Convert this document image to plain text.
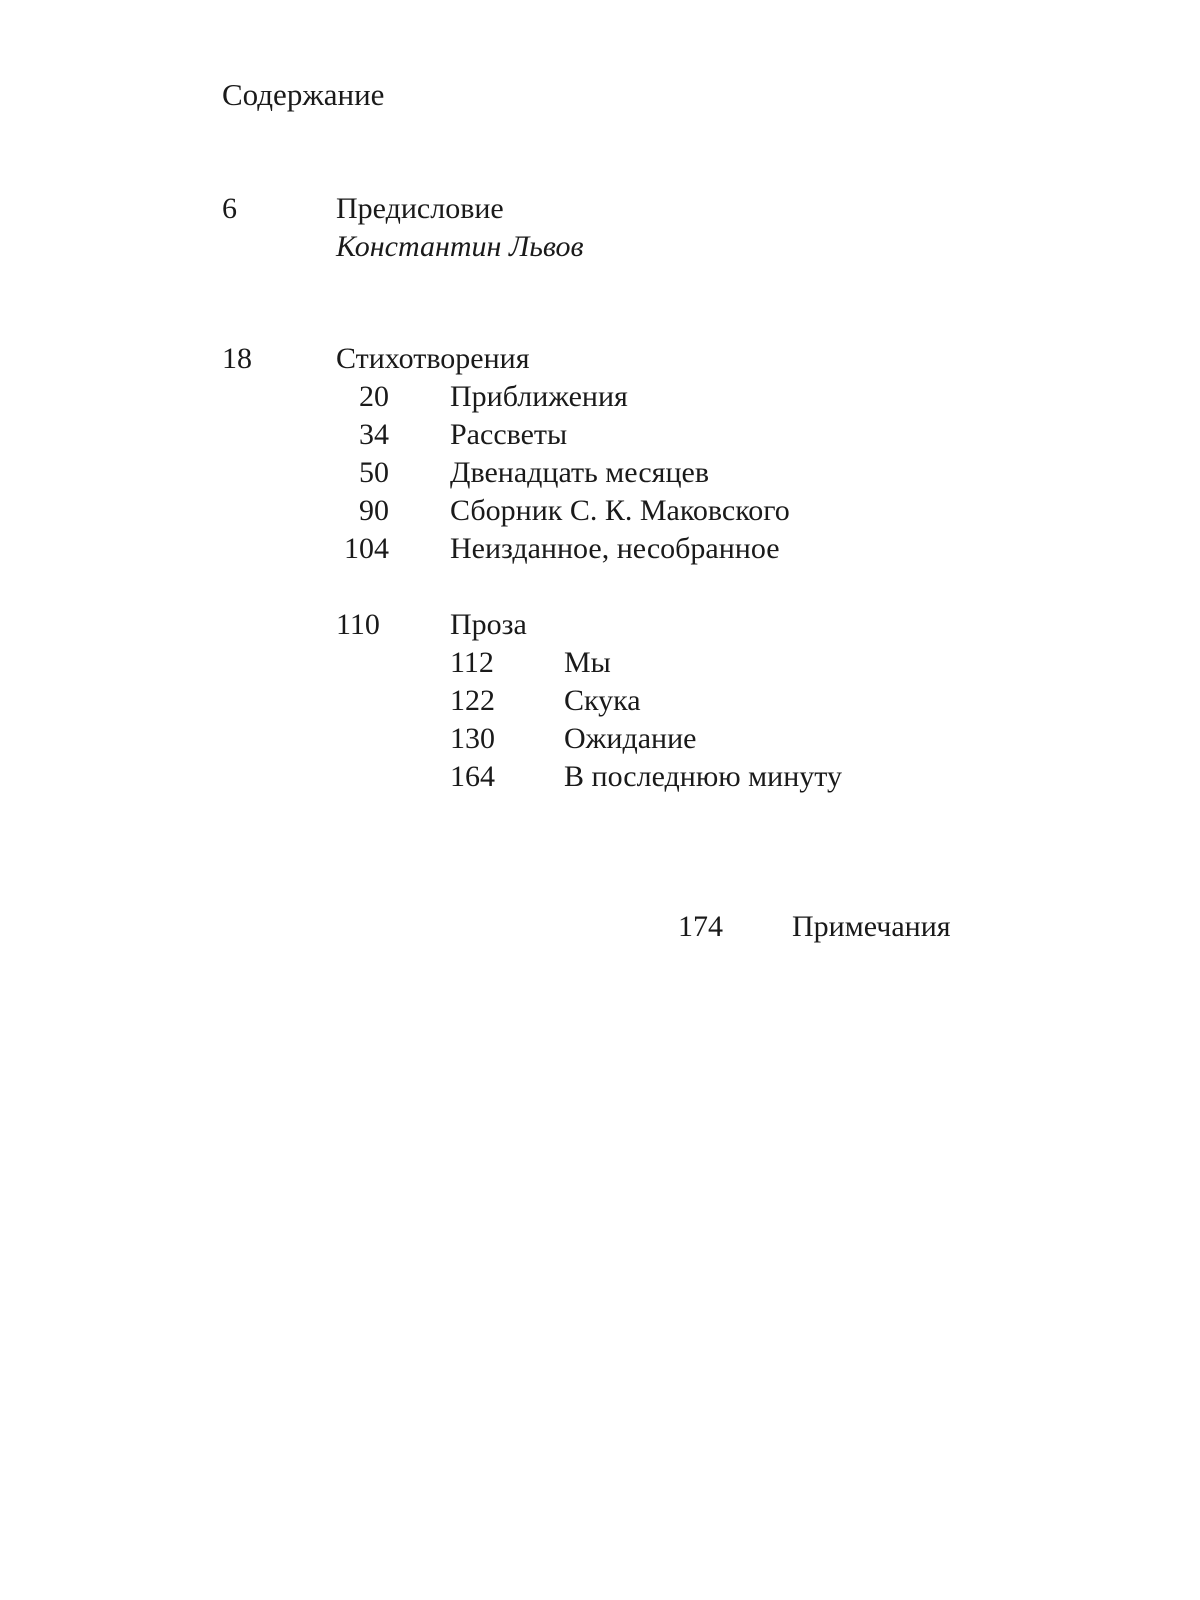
Содержание
6	Предисловие
Константин Львов
18	Стихотворения
20 Приближения
34 Рассветы
50 Двенадцать месяцев
90 Сборник С. К. Маковского
104 Неизданное, несобранное
110 Проза
112 Мы
122 Скука
130 Ожидание
164 В последнюю минуту
174 Примечания
